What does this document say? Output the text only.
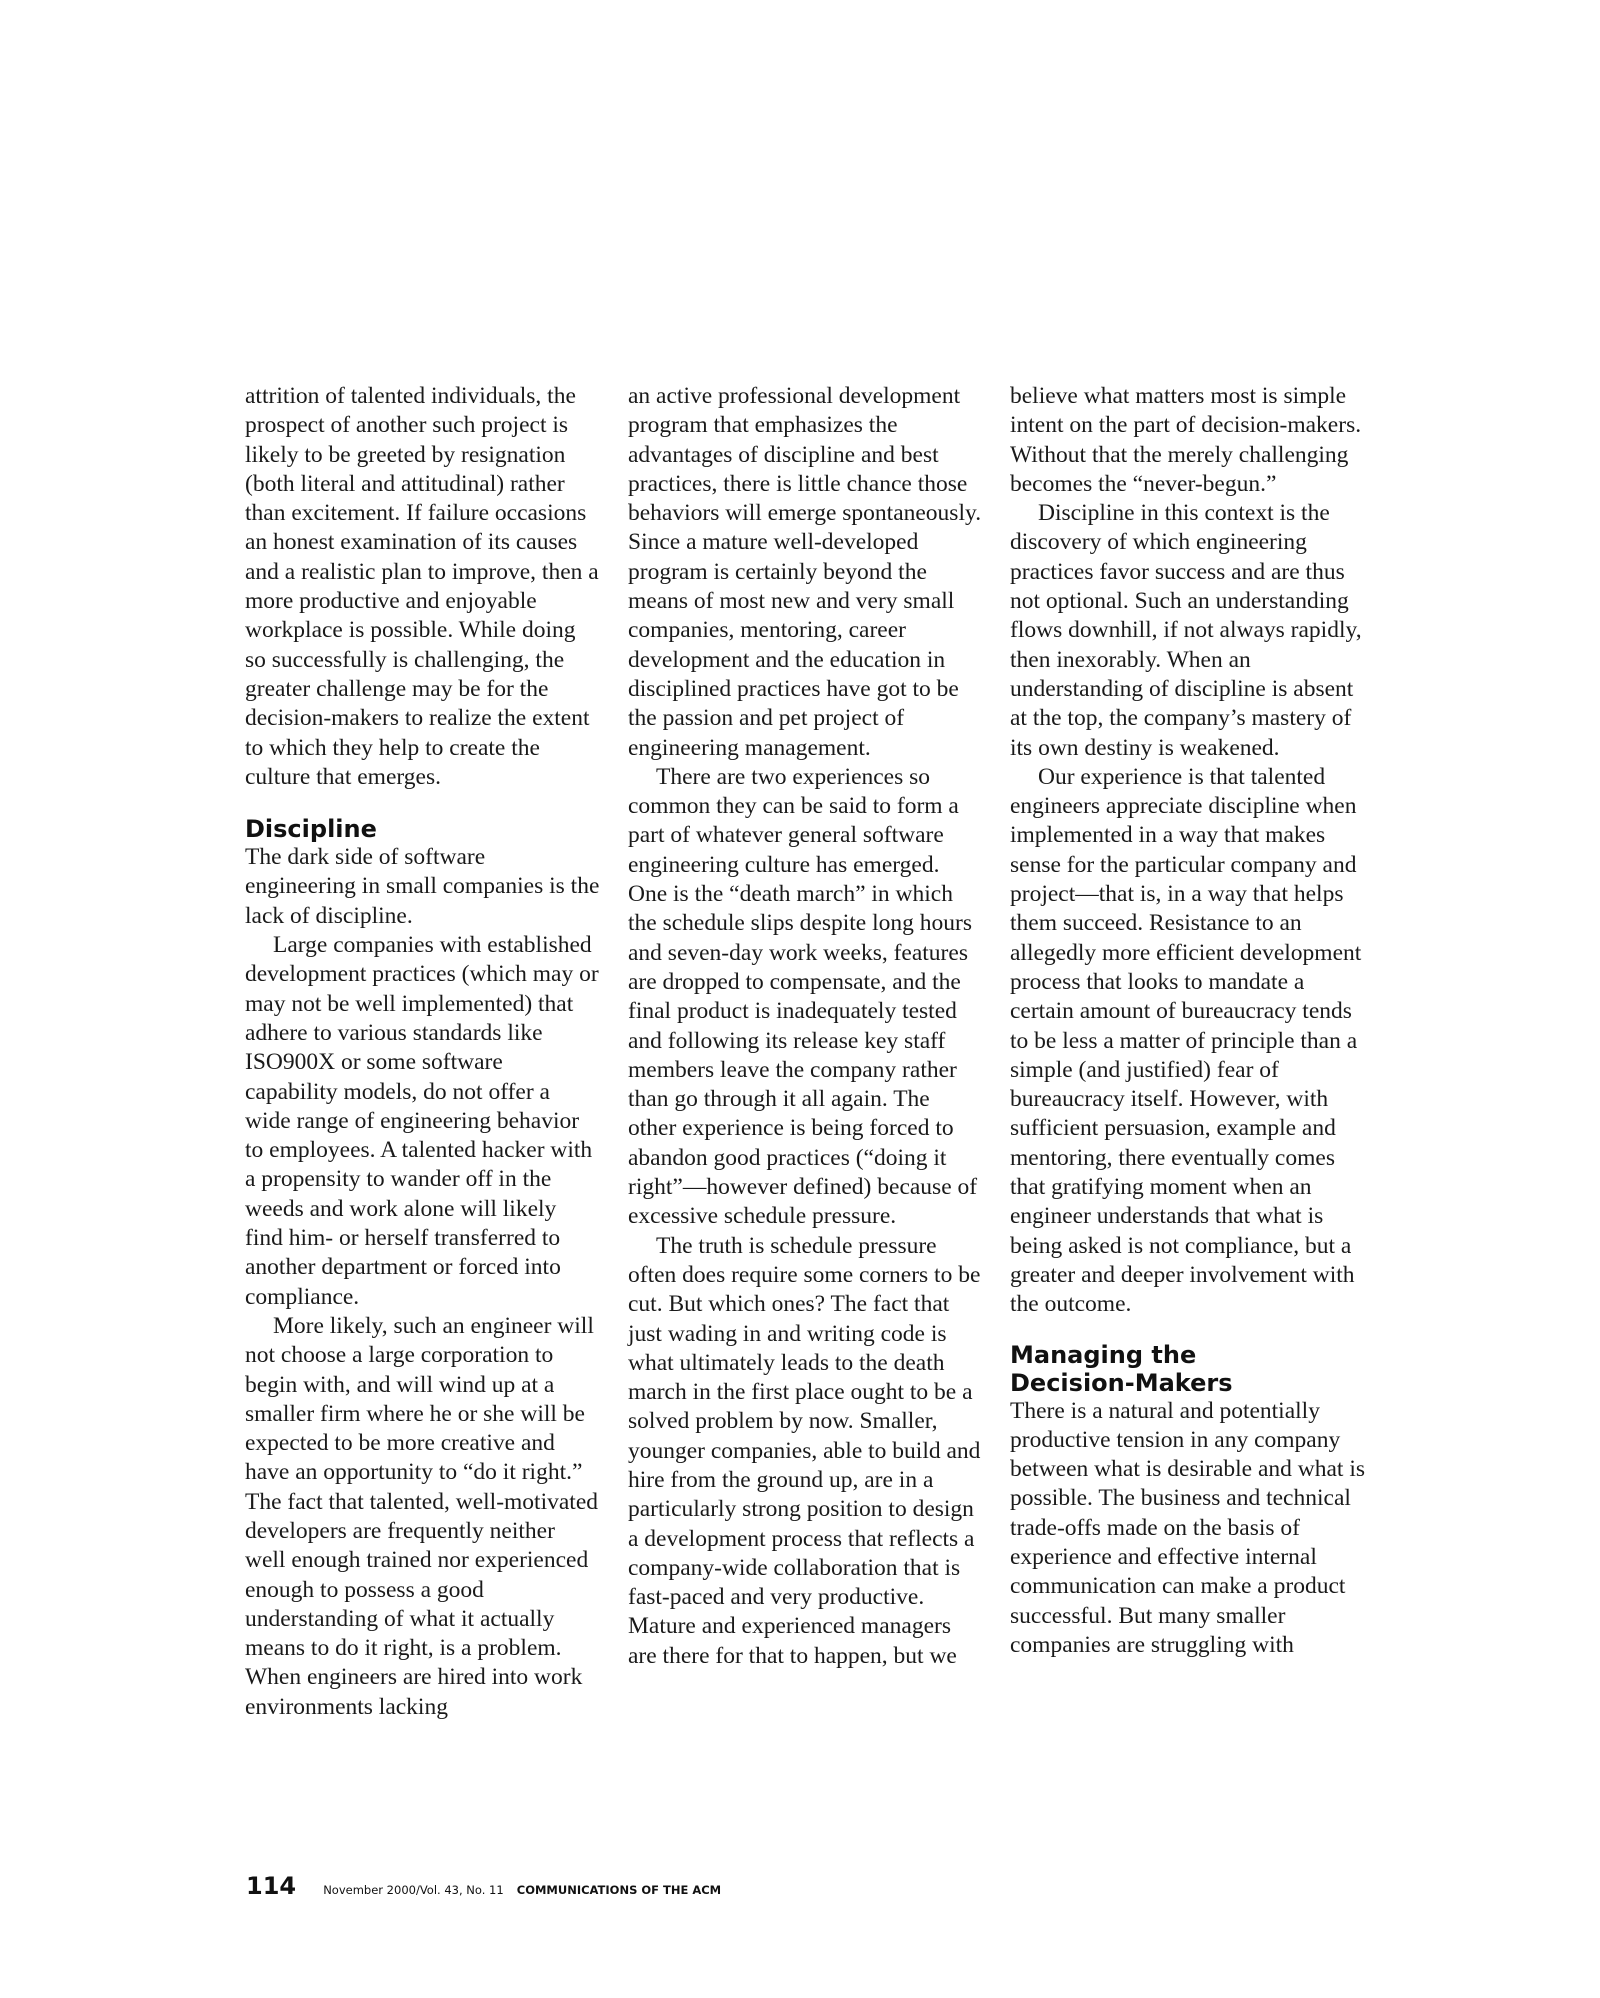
attrition of talented individuals, the prospect of another such project is likely to be greeted by resignation (both literal and attitudinal) rather than excitement. If failure occasions an honest examination of its causes and a realistic plan to improve, then a more productive and enjoyable workplace is possible. While doing so successfully is challenging, the greater challenge may be for the decision-makers to realize the extent to which they help to create the culture that emerges.

Discipline

The dark side of software engineering in small companies is the lack of discipline.

Large companies with established development practices (which may or may not be well implemented) that adhere to various standards like ISO900X or some software capability models, do not offer a wide range of engineering behavior to employees. A talented hacker with a propensity to wander off in the weeds and work alone will likely find him- or herself transferred to another department or forced into compliance.

More likely, such an engineer will not choose a large corporation to begin with, and will wind up at a smaller firm where he or she will be expected to be more creative and have an opportunity to “do it right.” The fact that talented, well-motivated developers are frequently neither well enough trained nor experienced enough to possess a good understanding of what it actually means to do it right, is a problem. When engineers are hired into work environments lacking

an active professional development program that emphasizes the advantages of discipline and best practices, there is little chance those behaviors will emerge spontaneously. Since a mature well-developed program is certainly beyond the means of most new and very small companies, mentoring, career development and the education in disciplined practices have got to be the passion and pet project of engineering management.

There are two experiences so common they can be said to form a part of whatever general software engineering culture has emerged. One is the “death march” in which the schedule slips despite long hours and seven-day work weeks, features are dropped to compensate, and the final product is inadequately tested and following its release key staff members leave the company rather than go through it all again. The other experience is being forced to abandon good practices (“doing it right”—however defined) because of excessive schedule pressure.

The truth is schedule pressure often does require some corners to be cut. But which ones? The fact that just wading in and writing code is what ultimately leads to the death march in the first place ought to be a solved problem by now. Smaller, younger companies, able to build and hire from the ground up, are in a particularly strong position to design a development process that reflects a company-wide collaboration that is fast-paced and very productive. Mature and experienced managers are there for that to happen, but we

believe what matters most is simple intent on the part of decision-makers. Without that the merely challenging becomes the “never-begun.”

Discipline in this context is the discovery of which engineering practices favor success and are thus not optional. Such an understanding flows downhill, if not always rapidly, then inexorably. When an understanding of discipline is absent at the top, the company’s mastery of its own destiny is weakened.

Our experience is that talented engineers appreciate discipline when implemented in a way that makes sense for the particular company and project—that is, in a way that helps them succeed. Resistance to an allegedly more efficient development process that looks to mandate a certain amount of bureaucracy tends to be less a matter of principle than a simple (and justified) fear of bureaucracy itself. However, with sufficient persuasion, example and mentoring, there eventually comes that gratifying moment when an engineer understands that what is being asked is not compliance, but a greater and deeper involvement with the outcome.

Managing the
Decision-Makers

There is a natural and potentially productive tension in any company between what is desirable and what is possible. The business and technical trade-offs made on the basis of experience and effective internal communication can make a product successful. But many smaller companies are struggling with

114 November 2000/Vol. 43, No. 11 COMMUNICATIONS OF THE ACM
